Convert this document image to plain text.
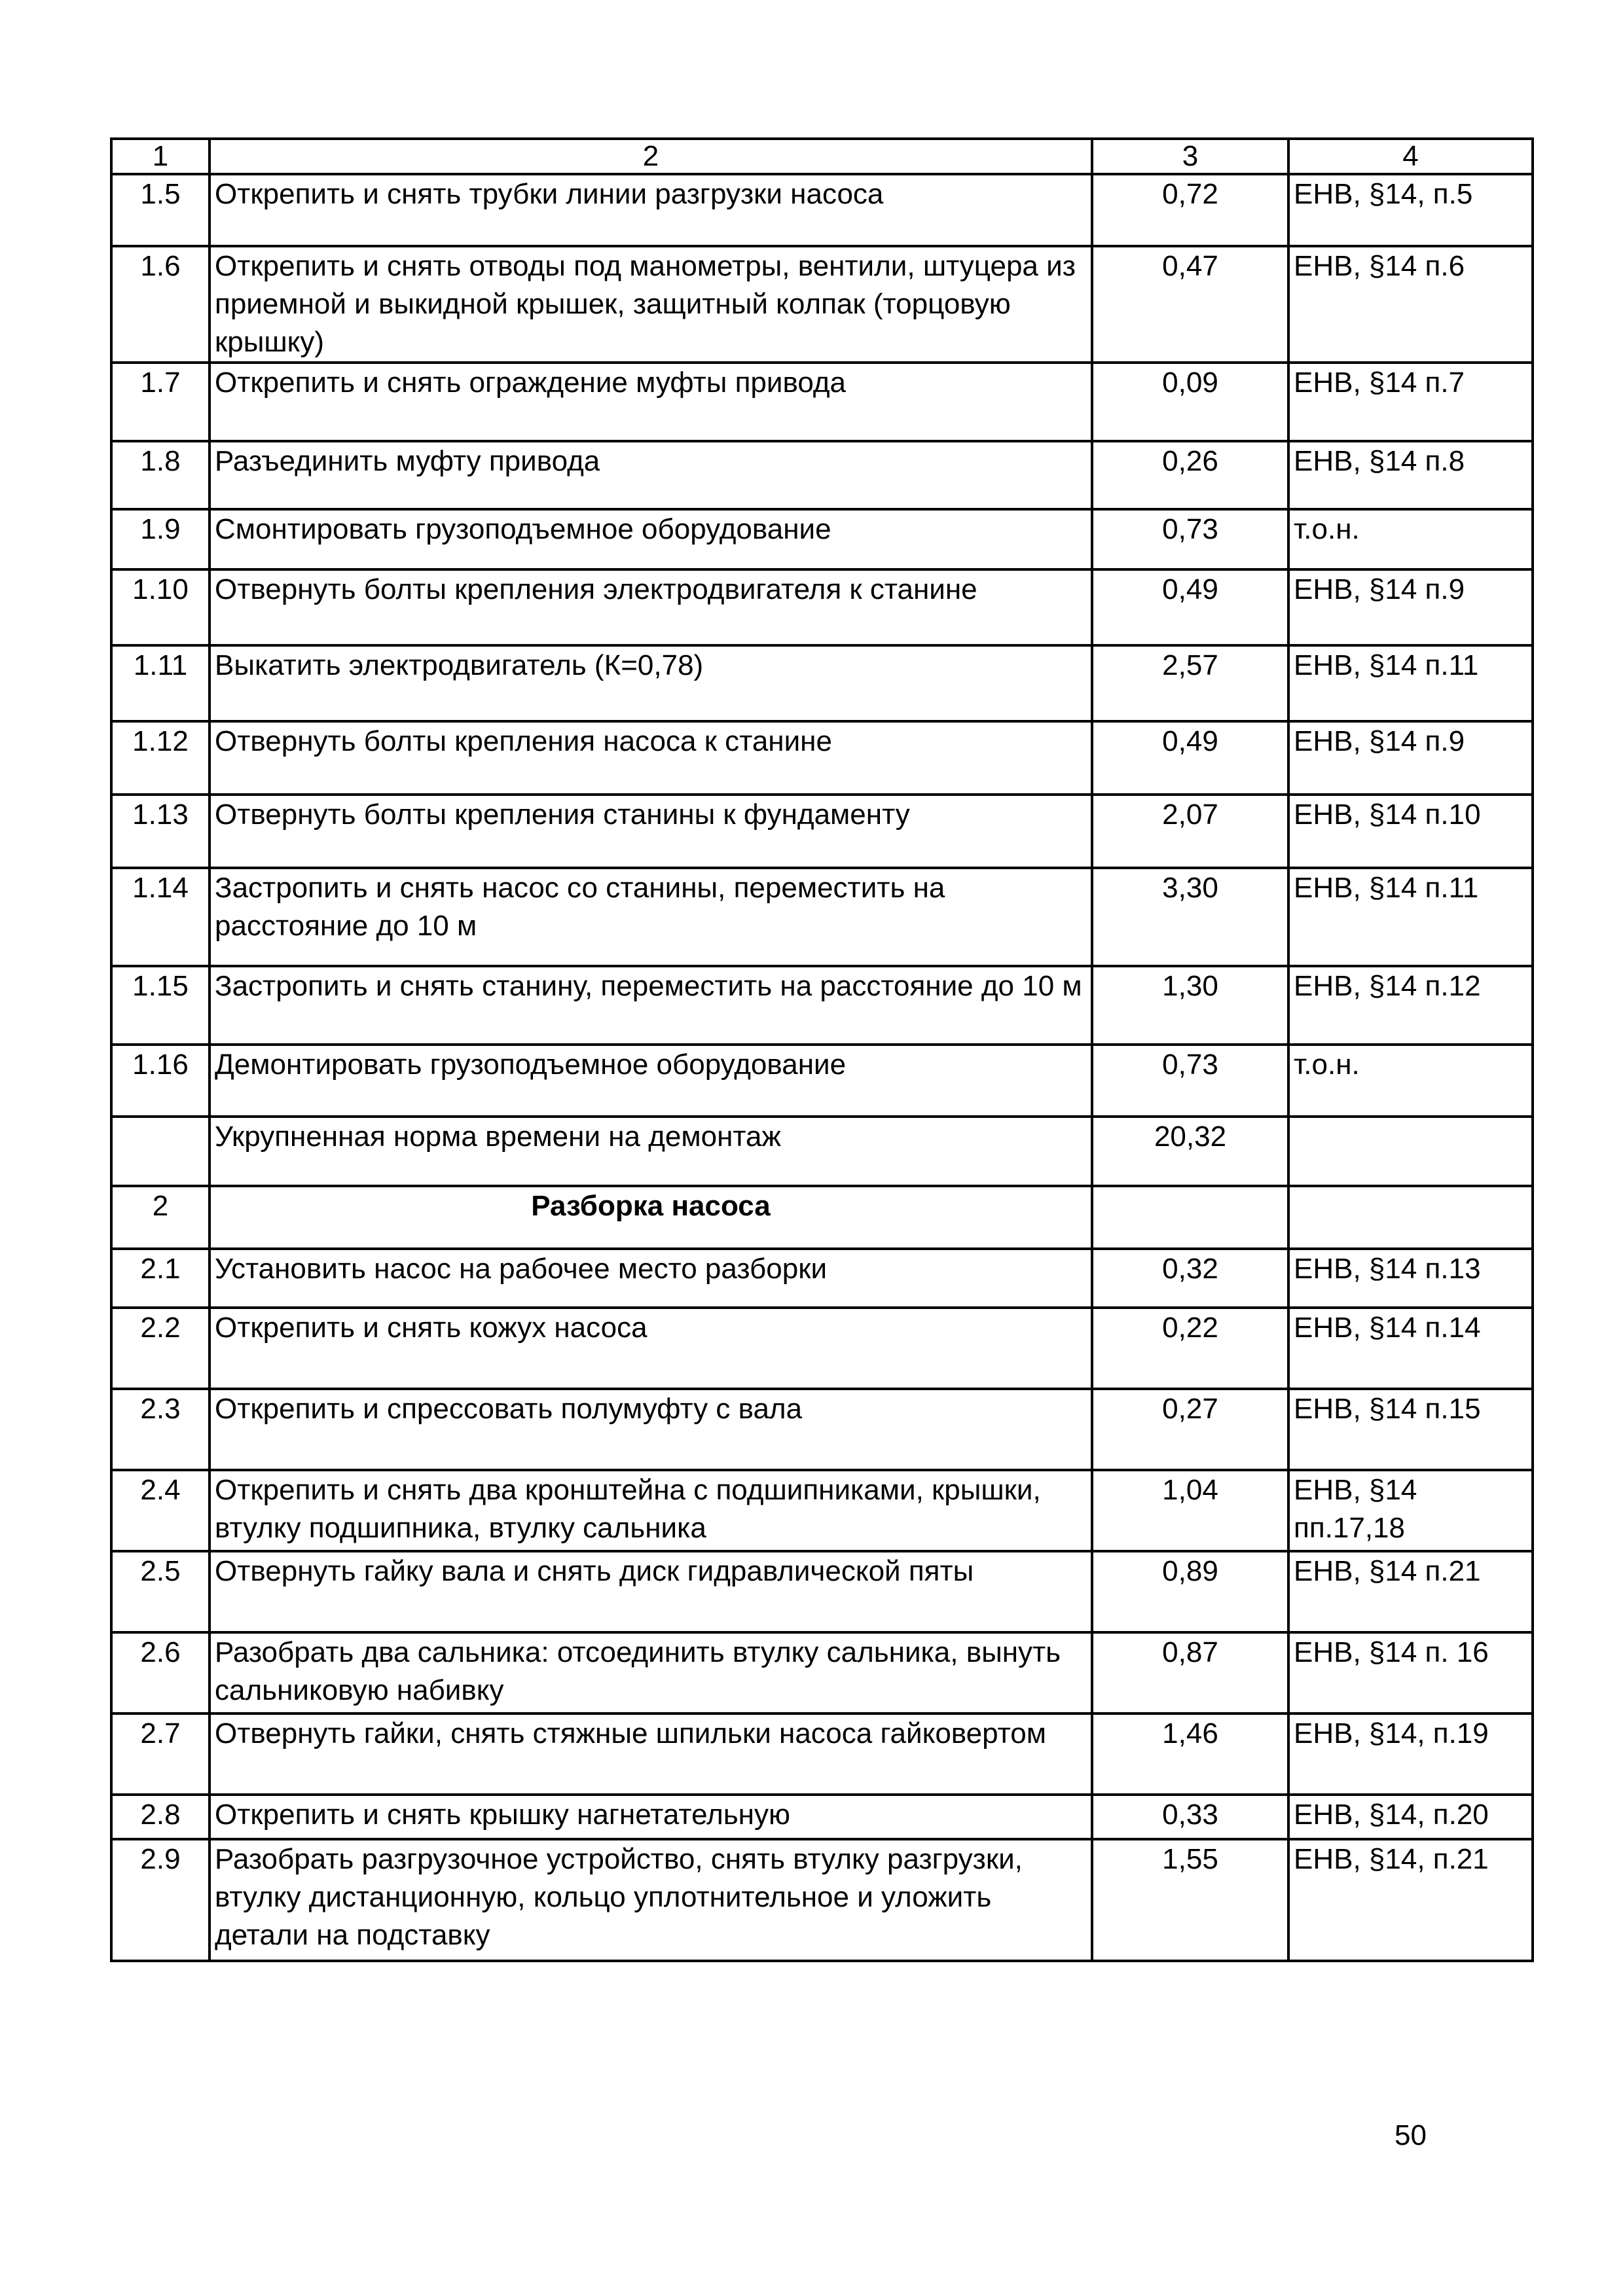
1	2	3	4
1.5	Открепить и снять трубки линии разгрузки насоса	0,72	ЕНВ, §14, п.5
1.6	Открепить и снять отводы под манометры, вентили, штуцера из приемной и выкидной крышек, защитный колпак (торцовую крышку)	0,47	ЕНВ, §14 п.6
1.7	Открепить и снять ограждение муфты привода	0,09	ЕНВ, §14 п.7
1.8	Разъединить муфту привода	0,26	ЕНВ, §14 п.8
1.9	Смонтировать грузоподъемное оборудование	0,73	т.о.н.
1.10	Отвернуть болты крепления электродвигателя к станине	0,49	ЕНВ, §14 п.9
1.11	Выкатить электродвигатель (К=0,78)	2,57	ЕНВ, §14 п.11
1.12	Отвернуть болты крепления насоса к станине	0,49	ЕНВ, §14 п.9
1.13	Отвернуть болты крепления станины к фундаменту	2,07	ЕНВ, §14 п.10
1.14	Застропить и снять насос со станины, переместить на расстояние до 10 м	3,30	ЕНВ, §14 п.11
1.15	Застропить и снять станину, переместить на расстояние до 10 м	1,30	ЕНВ, §14 п.12
1.16	Демонтировать грузоподъемное оборудование	0,73	т.о.н.
	Укрупненная норма времени на демонтаж	20,32	
2	Разборка насоса		
2.1	Установить насос на рабочее место разборки	0,32	ЕНВ, §14 п.13
2.2	Открепить и снять кожух насоса	0,22	ЕНВ, §14 п.14
2.3	Открепить и спрессовать полумуфту с вала	0,27	ЕНВ, §14 п.15
2.4	Открепить и снять два кронштейна с подшипниками, крышки, втулку подшипника, втулку сальника	1,04	ЕНВ, §14 пп.17,18
2.5	Отвернуть гайку вала и снять диск гидравлической пяты	0,89	ЕНВ, §14 п.21
2.6	Разобрать два сальника: отсоединить втулку сальника, вынуть сальниковую набивку	0,87	ЕНВ, §14 п. 16
2.7	Отвернуть гайки, снять стяжные шпильки насоса гайковертом	1,46	ЕНВ, §14, п.19
2.8	Открепить и снять крышку нагнетательную	0,33	ЕНВ, §14, п.20
2.9	Разобрать разгрузочное устройство, снять втулку разгрузки, втулку дистанционную, кольцо уплотнительное и уложить детали на подставку	1,55	ЕНВ, §14, п.21
50
